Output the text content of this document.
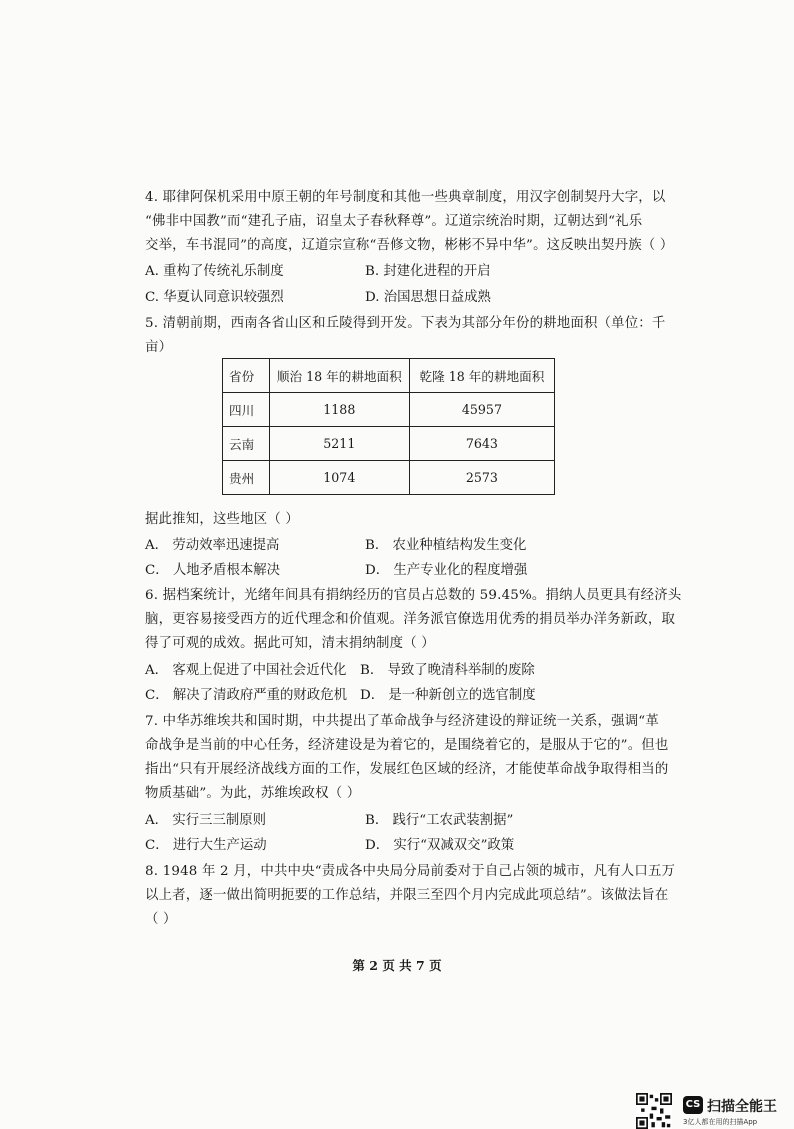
4. 耶律阿保机采用中原王朝的年号制度和其他一些典章制度，用汉字创制契丹大字，以
“佛非中国教”而“建孔子庙，诏皇太子春秋释尊”。辽道宗统治时期，辽朝达到“礼乐
交举，车书混同”的高度，辽道宗宣称“吾修文物，彬彬不异中华”。这反映出契丹族（ ）
A. 重构了传统礼乐制度	B. 封建化进程的开启
C. 华夏认同意识较强烈	D. 治国思想日益成熟
5. 清朝前期，西南各省山区和丘陵得到开发。下表为其部分年份的耕地面积（单位：千
亩）
省份	顺治 18 年的耕地面积	乾隆 18 年的耕地面积
四川	1188	45957
云南	5211	7643
贵州	1074	2573
据此推知，这些地区（ ）
A． 劳动效率迅速提高	B． 农业种植结构发生变化
C． 人地矛盾根本解决	D． 生产专业化的程度增强
6. 据档案统计，光绪年间具有捐纳经历的官员占总数的 59.45%。捐纳人员更具有经济头
脑，更容易接受西方的近代理念和价值观。洋务派官僚选用优秀的捐员举办洋务新政，取
得了可观的成效。据此可知，清末捐纳制度（ ）
A． 客观上促进了中国社会近代化 B． 导致了晚清科举制的废除
C． 解决了清政府严重的财政危机 D． 是一种新创立的选官制度
7. 中华苏维埃共和国时期，中共提出了革命战争与经济建设的辩证统一关系，强调“革
命战争是当前的中心任务，经济建设是为着它的，是围绕着它的，是服从于它的”。但也
指出“只有开展经济战线方面的工作，发展红色区域的经济，才能使革命战争取得相当的
物质基础”。为此，苏维埃政权（ ）
A． 实行三三制原则	B． 践行“工农武装割据”
C． 进行大生产运动	D． 实行“双减双交”政策
8. 1948 年 2 月，中共中央“责成各中央局分局前委对于自己占领的城市，凡有人口五万
以上者，逐一做出简明扼要的工作总结，并限三至四个月内完成此项总结”。该做法旨在
（ ）
第 2 页 共 7 页
CS 扫描全能王
3亿人都在用的扫描App
